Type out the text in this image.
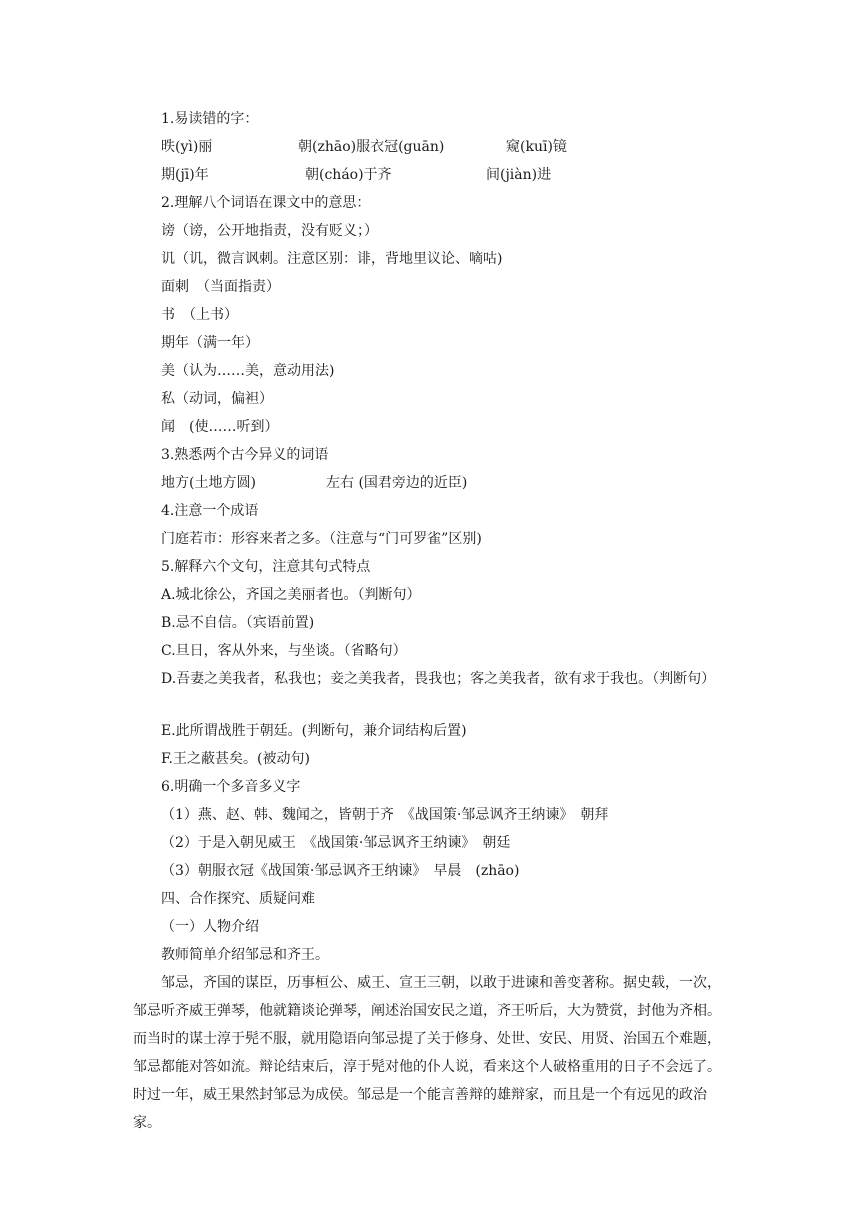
1.易读错的字：
昳(yì)丽	朝(zhāo)服衣冠(guān)	窥(kuī)镜
期(jī)年	朝(cháo)于齐	间(jiàn)进
2.理解八个词语在课文中的意思：
谤（谤，公开地指责，没有贬义；）
讥（讥，微言讽刺。注意区别：诽，背地里议论、嘀咕)
面刺　（当面指责）
书　（上书）
期年（满一年）
美（认为……美，意动用法)
私（动词，偏袒）
闻　(使……听到）
3.熟悉两个古今异义的词语
地方(土地方圆)	左右 (国君旁边的近臣)
4.注意一个成语
门庭若市：形容来者之多。（注意与“门可罗雀”区别)
5.解释六个文句，注意其句式特点
A.城北徐公，齐国之美丽者也。（判断句）
B.忌不自信。（宾语前置)
C.旦日，客从外来，与坐谈。（省略句）
D.吾妻之美我者，私我也；妾之美我者，畏我也；客之美我者，欲有求于我也。（判断句）
E.此所谓战胜于朝廷。(判断句，兼介词结构后置)
F.王之蔽甚矣。(被动句)
6.明确一个多音多义字
（1）燕、赵、韩、魏闻之，皆朝于齐　《战国策·邹忌讽齐王纳谏》　朝拜
（2）于是入朝见威王　《战国策·邹忌讽齐王纳谏》　朝廷
（3）朝服衣冠《战国策·邹忌讽齐王纳谏》　早晨　(zhāo)
四、合作探究、质疑问难
（一）人物介绍
教师简单介绍邹忌和齐王。
邹忌，齐国的谋臣，历事桓公、威王、宣王三朝，以敢于进谏和善变著称。据史载，一次，邹忌听齐威王弹琴，他就籍谈论弹琴，阐述治国安民之道，齐王听后，大为赞赏，封他为齐相。而当时的谋士淳于髡不服，就用隐语向邹忌提了关于修身、处世、安民、用贤、治国五个难题，邹忌都能对答如流。辩论结束后，淳于髡对他的仆人说，看来这个人破格重用的日子不会远了。时过一年，威王果然封邹忌为成侯。邹忌是一个能言善辩的雄辩家，而且是一个有远见的政治家。
